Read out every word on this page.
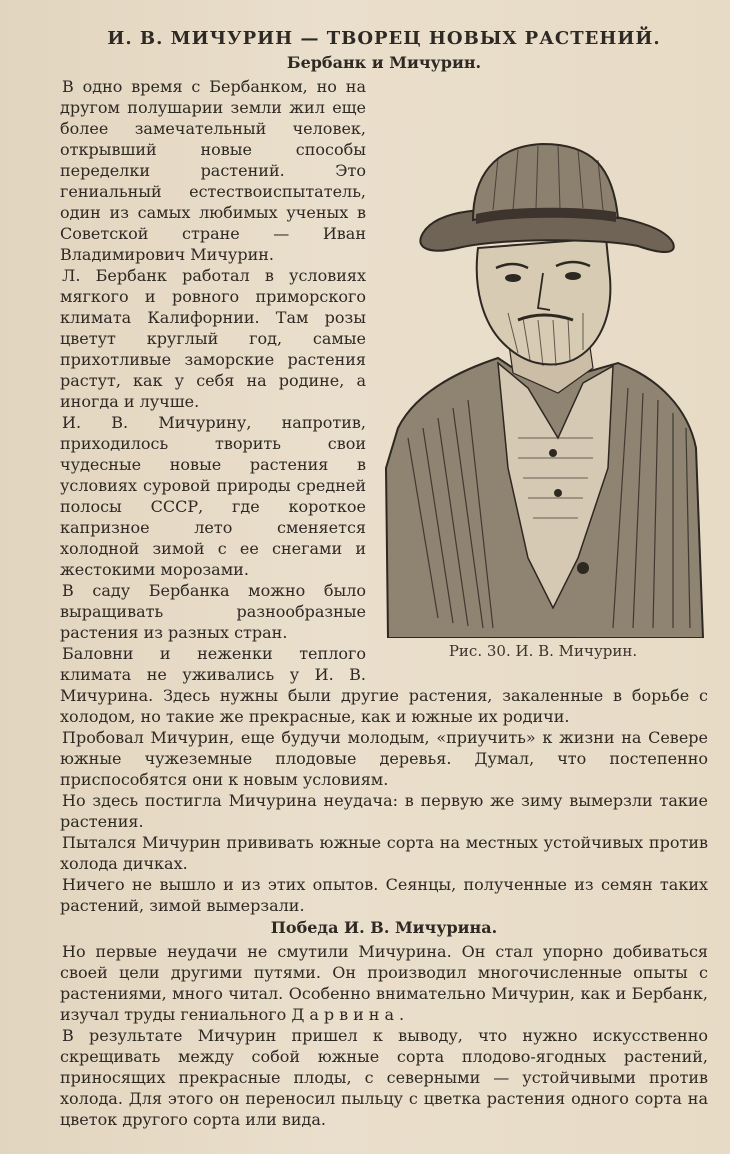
И. В. МИЧУРИН — ТВОРЕЦ НОВЫХ РАСТЕНИЙ.
Бербанк и Мичурин.
Рис. 30. И. В. Мичурин.

В одно время с Бербанком, но на другом полушарии земли жил еще более замечательный человек, открывший новые способы переделки растений. Это гениальный естествоиспытатель, один из самых любимых ученых в Советской стране — Иван Владимирович Мичурин.

Л. Бербанк работал в условиях мягкого и ровного приморского климата Калифорнии. Там розы цветут круглый год, самые прихотливые заморские растения растут, как у себя на родине, а иногда и лучше.

И. В. Мичурину, напротив, приходилось творить свои чудесные новые растения в условиях суровой природы средней полосы СССР, где короткое капризное лето сменяется холодной зимой с ее снегами и жестокими морозами.

В саду Бербанка можно было выращивать разнообразные растения из разных стран.

Баловни и неженки теплого климата не уживались у И. В. Мичурина. Здесь нужны были другие растения, закаленные в борьбе с холодом, но такие же прекрасные, как и южные их родичи.

Пробовал Мичурин, еще будучи молодым, «приучить» к жизни на Севере южные чужеземные плодовые деревья. Думал, что постепенно приспособятся они к новым условиям.

Но здесь постигла Мичурина неудача: в первую же зиму вымерзли такие растения.

Пытался Мичурин прививать южные сорта на местных устойчивых против холода дичках.

Ничего не вышло и из этих опытов. Сеянцы, полученные из семян таких растений, зимой вымерзали.

Победа И. В. Мичурина.

Но первые неудачи не смутили Мичурина. Он стал упорно добиваться своей цели другими путями. Он производил многочисленные опыты с растениями, много читал. Особенно внимательно Мичурин, как и Бербанк, изучал труды гениального Дарвина.

В результате Мичурин пришел к выводу, что нужно искусственно скрещивать между собой южные сорта плодово-ягодных растений, приносящих прекрасные плоды, с северными — устойчивыми против холода. Для этого он переносил пыльцу с цветка растения одного сорта на цветок другого сорта или вида.
